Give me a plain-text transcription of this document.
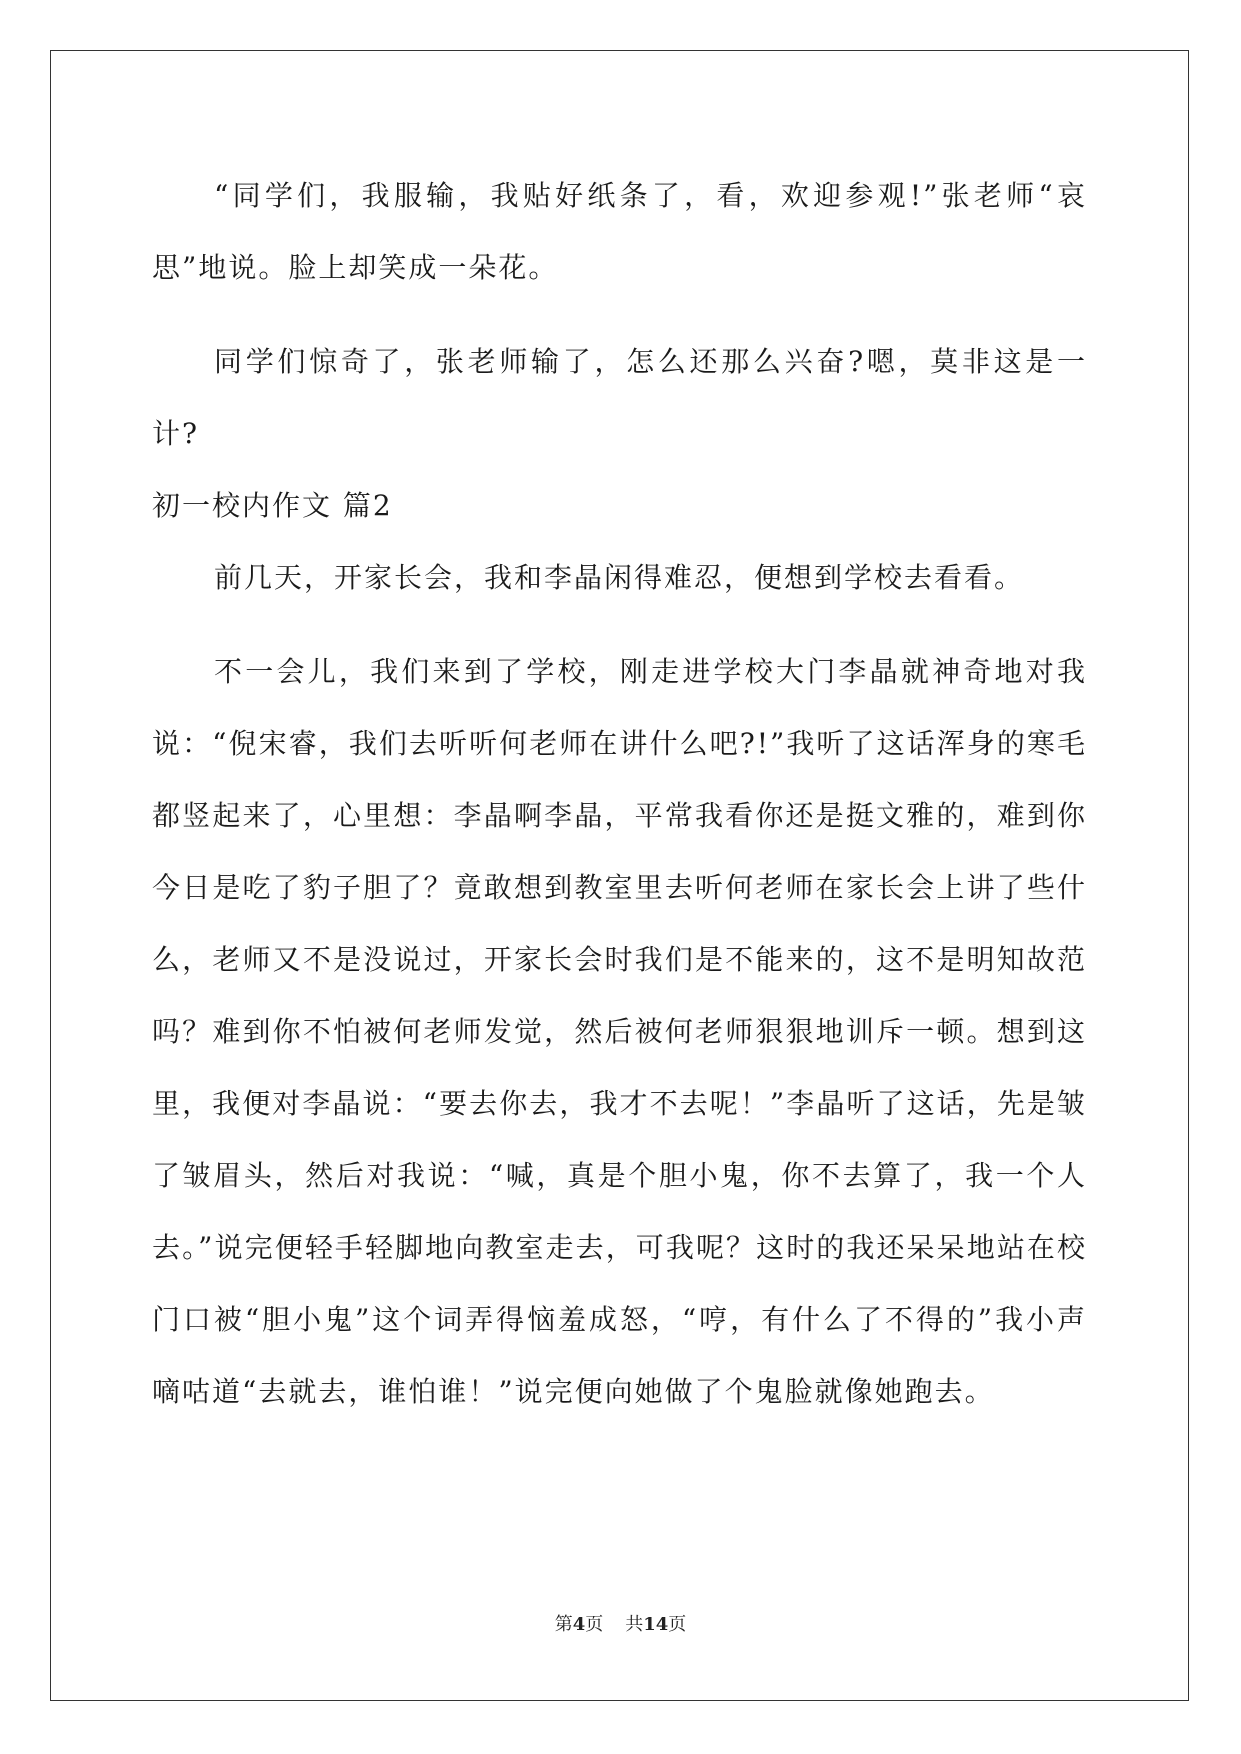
“同学们，我服输，我贴好纸条了，看，欢迎参观!”张老师“哀思”地说。脸上却笑成一朵花。

同学们惊奇了，张老师输了，怎么还那么兴奋?嗯，莫非这是一计?

初一校内作文 篇2

前几天，开家长会，我和李晶闲得难忍，便想到学校去看看。

不一会儿，我们来到了学校，刚走进学校大门李晶就神奇地对我说：“倪宋睿，我们去听听何老师在讲什么吧?!”我听了这话浑身的寒毛都竖起来了，心里想：李晶啊李晶，平常我看你还是挺文雅的，难到你今日是吃了豹子胆了？竟敢想到教室里去听何老师在家长会上讲了些什么，老师又不是没说过，开家长会时我们是不能来的，这不是明知故范吗？难到你不怕被何老师发觉，然后被何老师狠狠地训斥一顿。想到这里，我便对李晶说：“要去你去，我才不去呢！”李晶听了这话，先是皱了皱眉头，然后对我说：“喊，真是个胆小鬼，你不去算了，我一个人去。”说完便轻手轻脚地向教室走去，可我呢？这时的我还呆呆地站在校门口被“胆小鬼”这个词弄得恼羞成怒，“哼，有什么了不得的”我小声嘀咕道“去就去，谁怕谁！”说完便向她做了个鬼脸就像她跑去。

第4页 共14页
